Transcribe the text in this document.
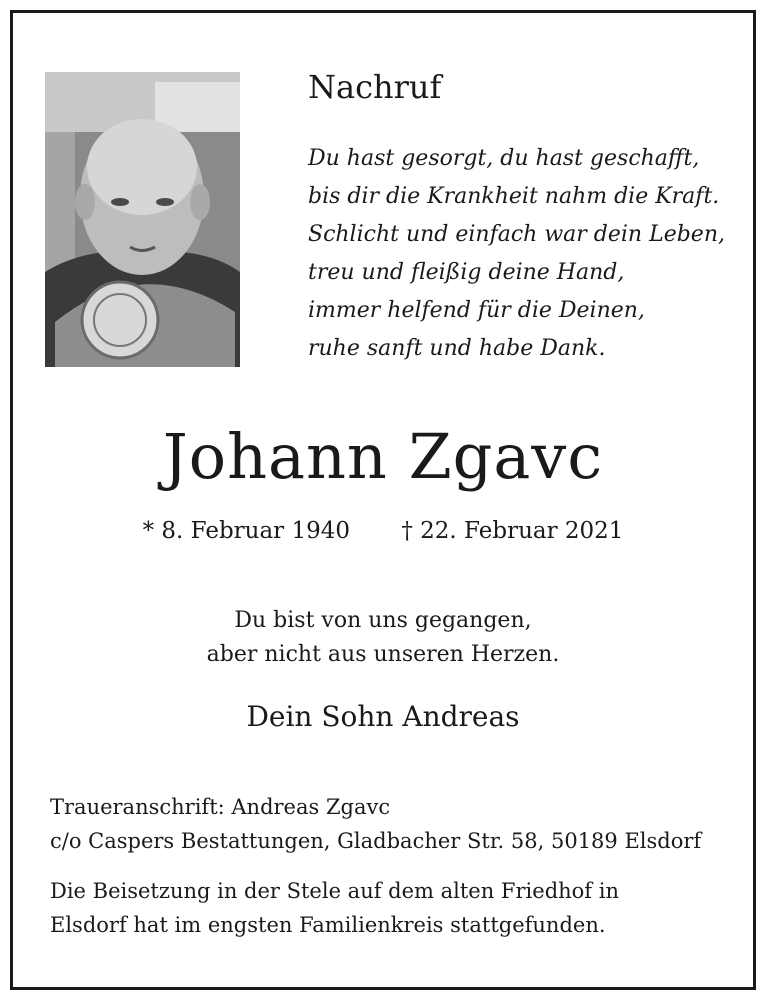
Nachruf
Du hast gesorgt, du hast geschafft,
bis dir die Krankheit nahm die Kraft.
Schlicht und einfach war dein Leben,
treu und fleißig deine Hand,
immer helfend für die Deinen,
ruhe sanft und habe Dank.
Johann Zgavc
* 8. Februar 1940 † 22. Februar 2021
Du bist von uns gegangen,
aber nicht aus unseren Herzen.
Dein Sohn Andreas
Traueranschrift: Andreas Zgavc
c/o Caspers Bestattungen, Gladbacher Str. 58, 50189 Elsdorf
Die Beisetzung in der Stele auf dem alten Friedhof in
Elsdorf hat im engsten Familienkreis stattgefunden.
